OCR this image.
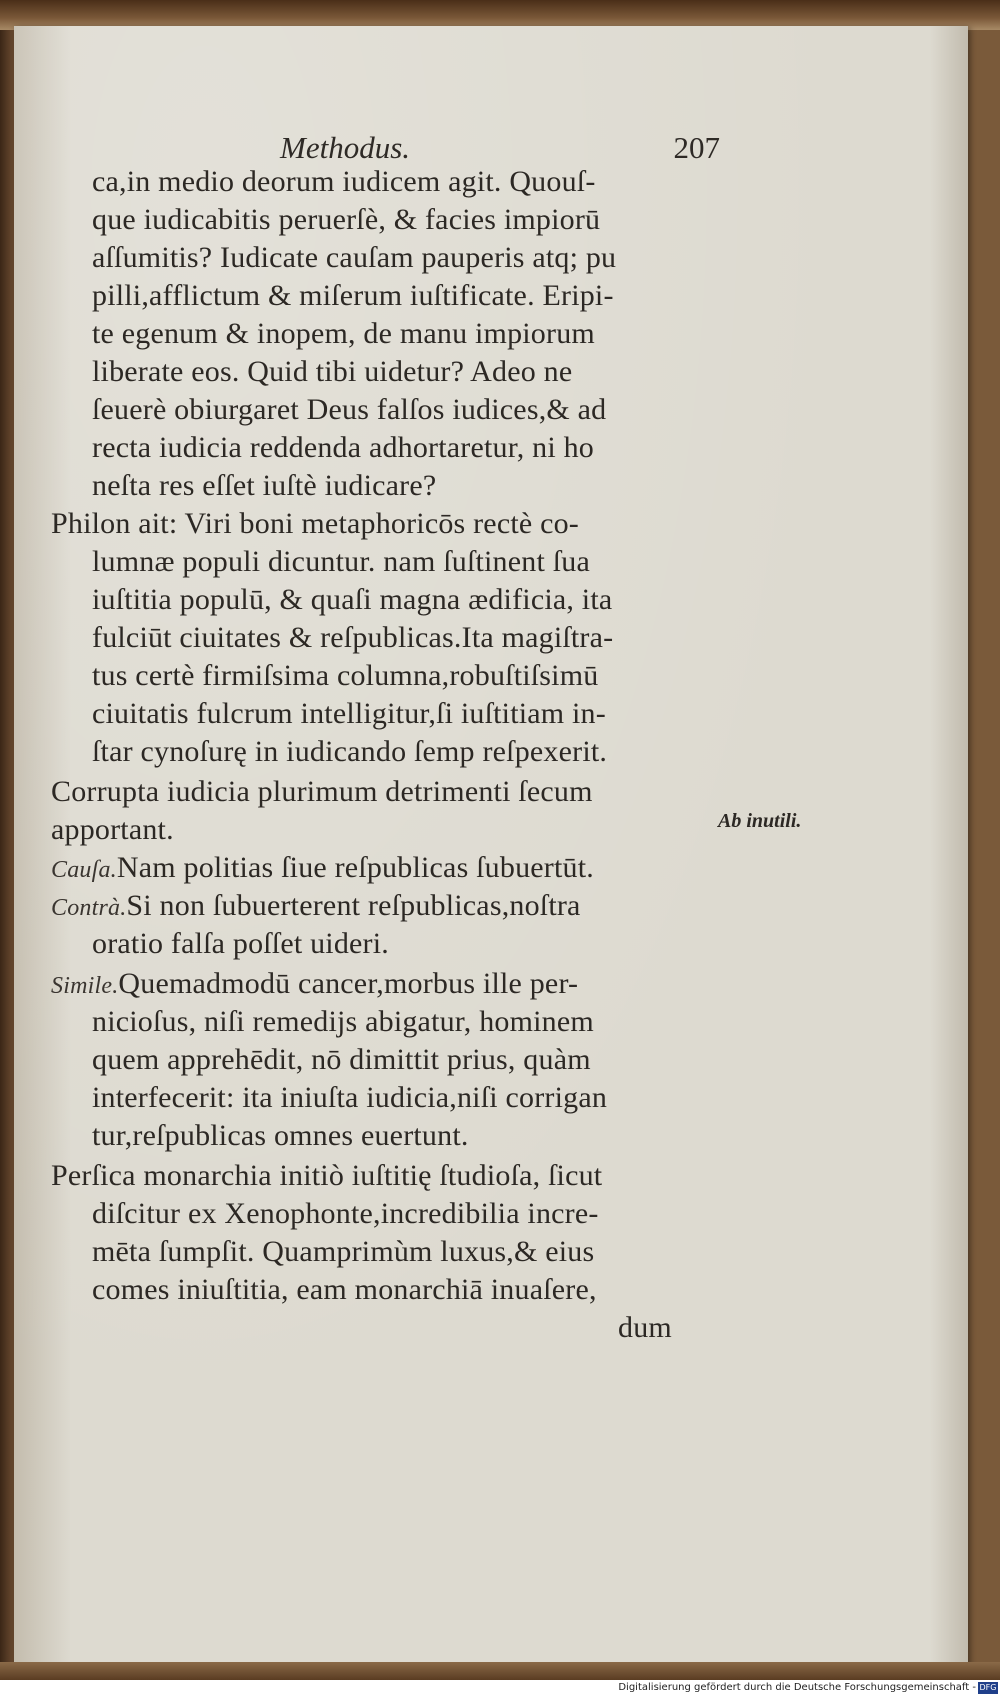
Methodus.	207
ca,in medio deorum iudicem agit. Quouſ-
que iudicabitis peruerſè, & facies impiorū
aſſumitis? Iudicate cauſam pauperis atq; pu
pilli,afflictum & miſerum iuſtificate. Eripi-
te egenum & inopem, de manu impiorum
liberate eos. Quid tibi uidetur? Adeo ne
ſeuerè obiurgaret Deus falſos iudices,& ad
recta iudicia reddenda adhortaretur, ni ho
neſta res eſſet iuſtè iudicare?
Philon ait: Viri boni metaphoricōs rectè co-
lumnæ populi dicuntur. nam ſuſtinent ſua
iuſtitia populū, & quaſi magna ædificia, ita
fulciūt ciuitates & reſpublicas.Ita magiſtra-
tus certè firmiſsima columna,robuſtiſsimū
ciuitatis fulcrum intelligitur,ſi iuſtitiam in-
ſtar cynoſurę in iudicando ſemp reſpexerit.
Corrupta iudicia plurimum detrimenti ſecum
apportant.
Cauſa.Nam politias ſiue reſpublicas ſubuertūt.
Contrà.Si non ſubuerterent reſpublicas,noſtra
oratio falſa poſſet uideri.
Simile.Quemadmodū cancer,morbus ille per-
nicioſus, niſi remedijs abigatur, hominem
quem apprehēdit, nō dimittit prius, quàm
interfecerit: ita iniuſta iudicia,niſi corrigan
tur,reſpublicas omnes euertunt.
Perſica monarchia initiò iuſtitię ſtudioſa, ſicut
diſcitur ex Xenophonte,incredibilia incre-
mēta ſumpſit. Quamprimùm luxus,& eius
comes iniuſtitia, eam monarchiā inuaſere,
dum
Ab inutili.
Digitalisierung gefördert durch die Deutsche Forschungsgemeinschaft - DFG
